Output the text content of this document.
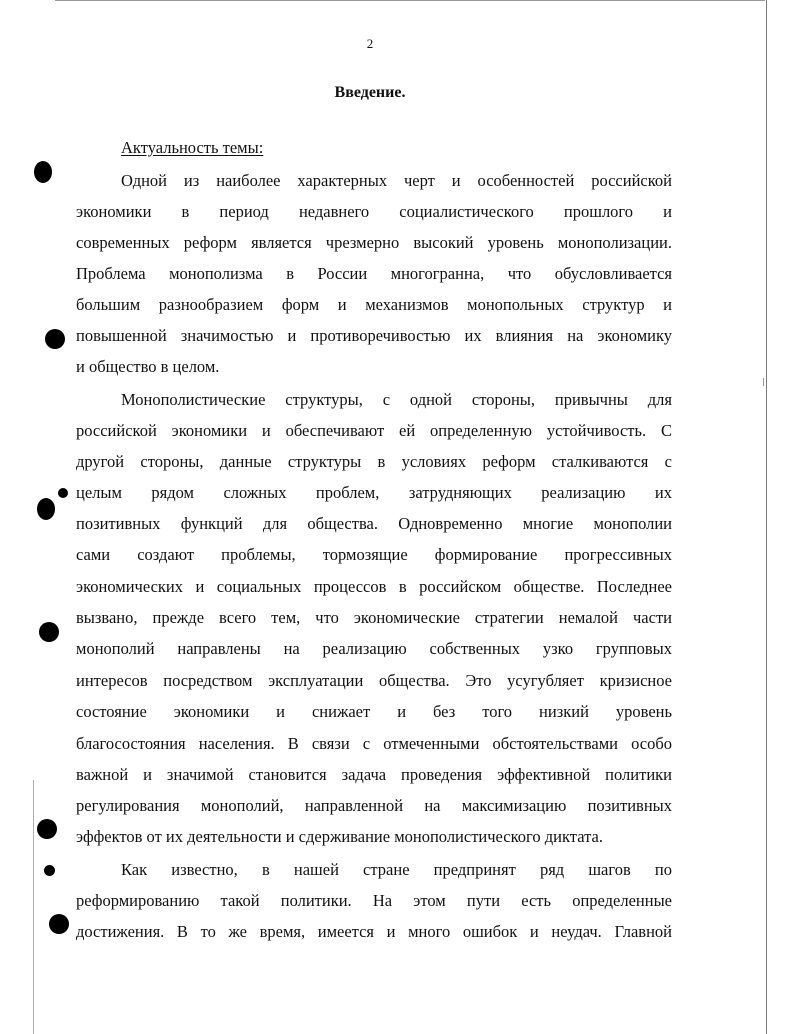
2
Введение.
Актуальность темы:
Одной из наиболее характерных черт и особенностей российской
экономики в период недавнего социалистического прошлого и
современных реформ является чрезмерно высокий уровень монополизации.
Проблема монополизма в России многогранна, что обусловливается
большим разнообразием форм и механизмов монопольных структур и
повышенной значимостью и противоречивостью их влияния на экономику
и общество в целом.
Монополистические структуры, с одной стороны, привычны для
российской экономики и обеспечивают ей определенную устойчивость. С
другой стороны, данные структуры в условиях реформ сталкиваются с
целым рядом сложных проблем, затрудняющих реализацию их
позитивных функций для общества. Одновременно многие монополии
сами создают проблемы, тормозящие формирование прогрессивных
экономических и социальных процессов в российском обществе. Последнее
вызвано, прежде всего тем, что экономические стратегии немалой части
монополий направлены на реализацию собственных узко групповых
интересов посредством эксплуатации общества. Это усугубляет кризисное
состояние экономики и снижает и без того низкий уровень
благосостояния населения. В связи с отмеченными обстоятельствами особо
важной и значимой становится задача проведения эффективной политики
регулирования монополий, направленной на максимизацию позитивных
эффектов от их деятельности и сдерживание монополистического диктата.
Как известно, в нашей стране предпринят ряд шагов по
реформированию такой политики. На этом пути есть определенные
достижения. В то же время, имеется и много ошибок и неудач. Главной
